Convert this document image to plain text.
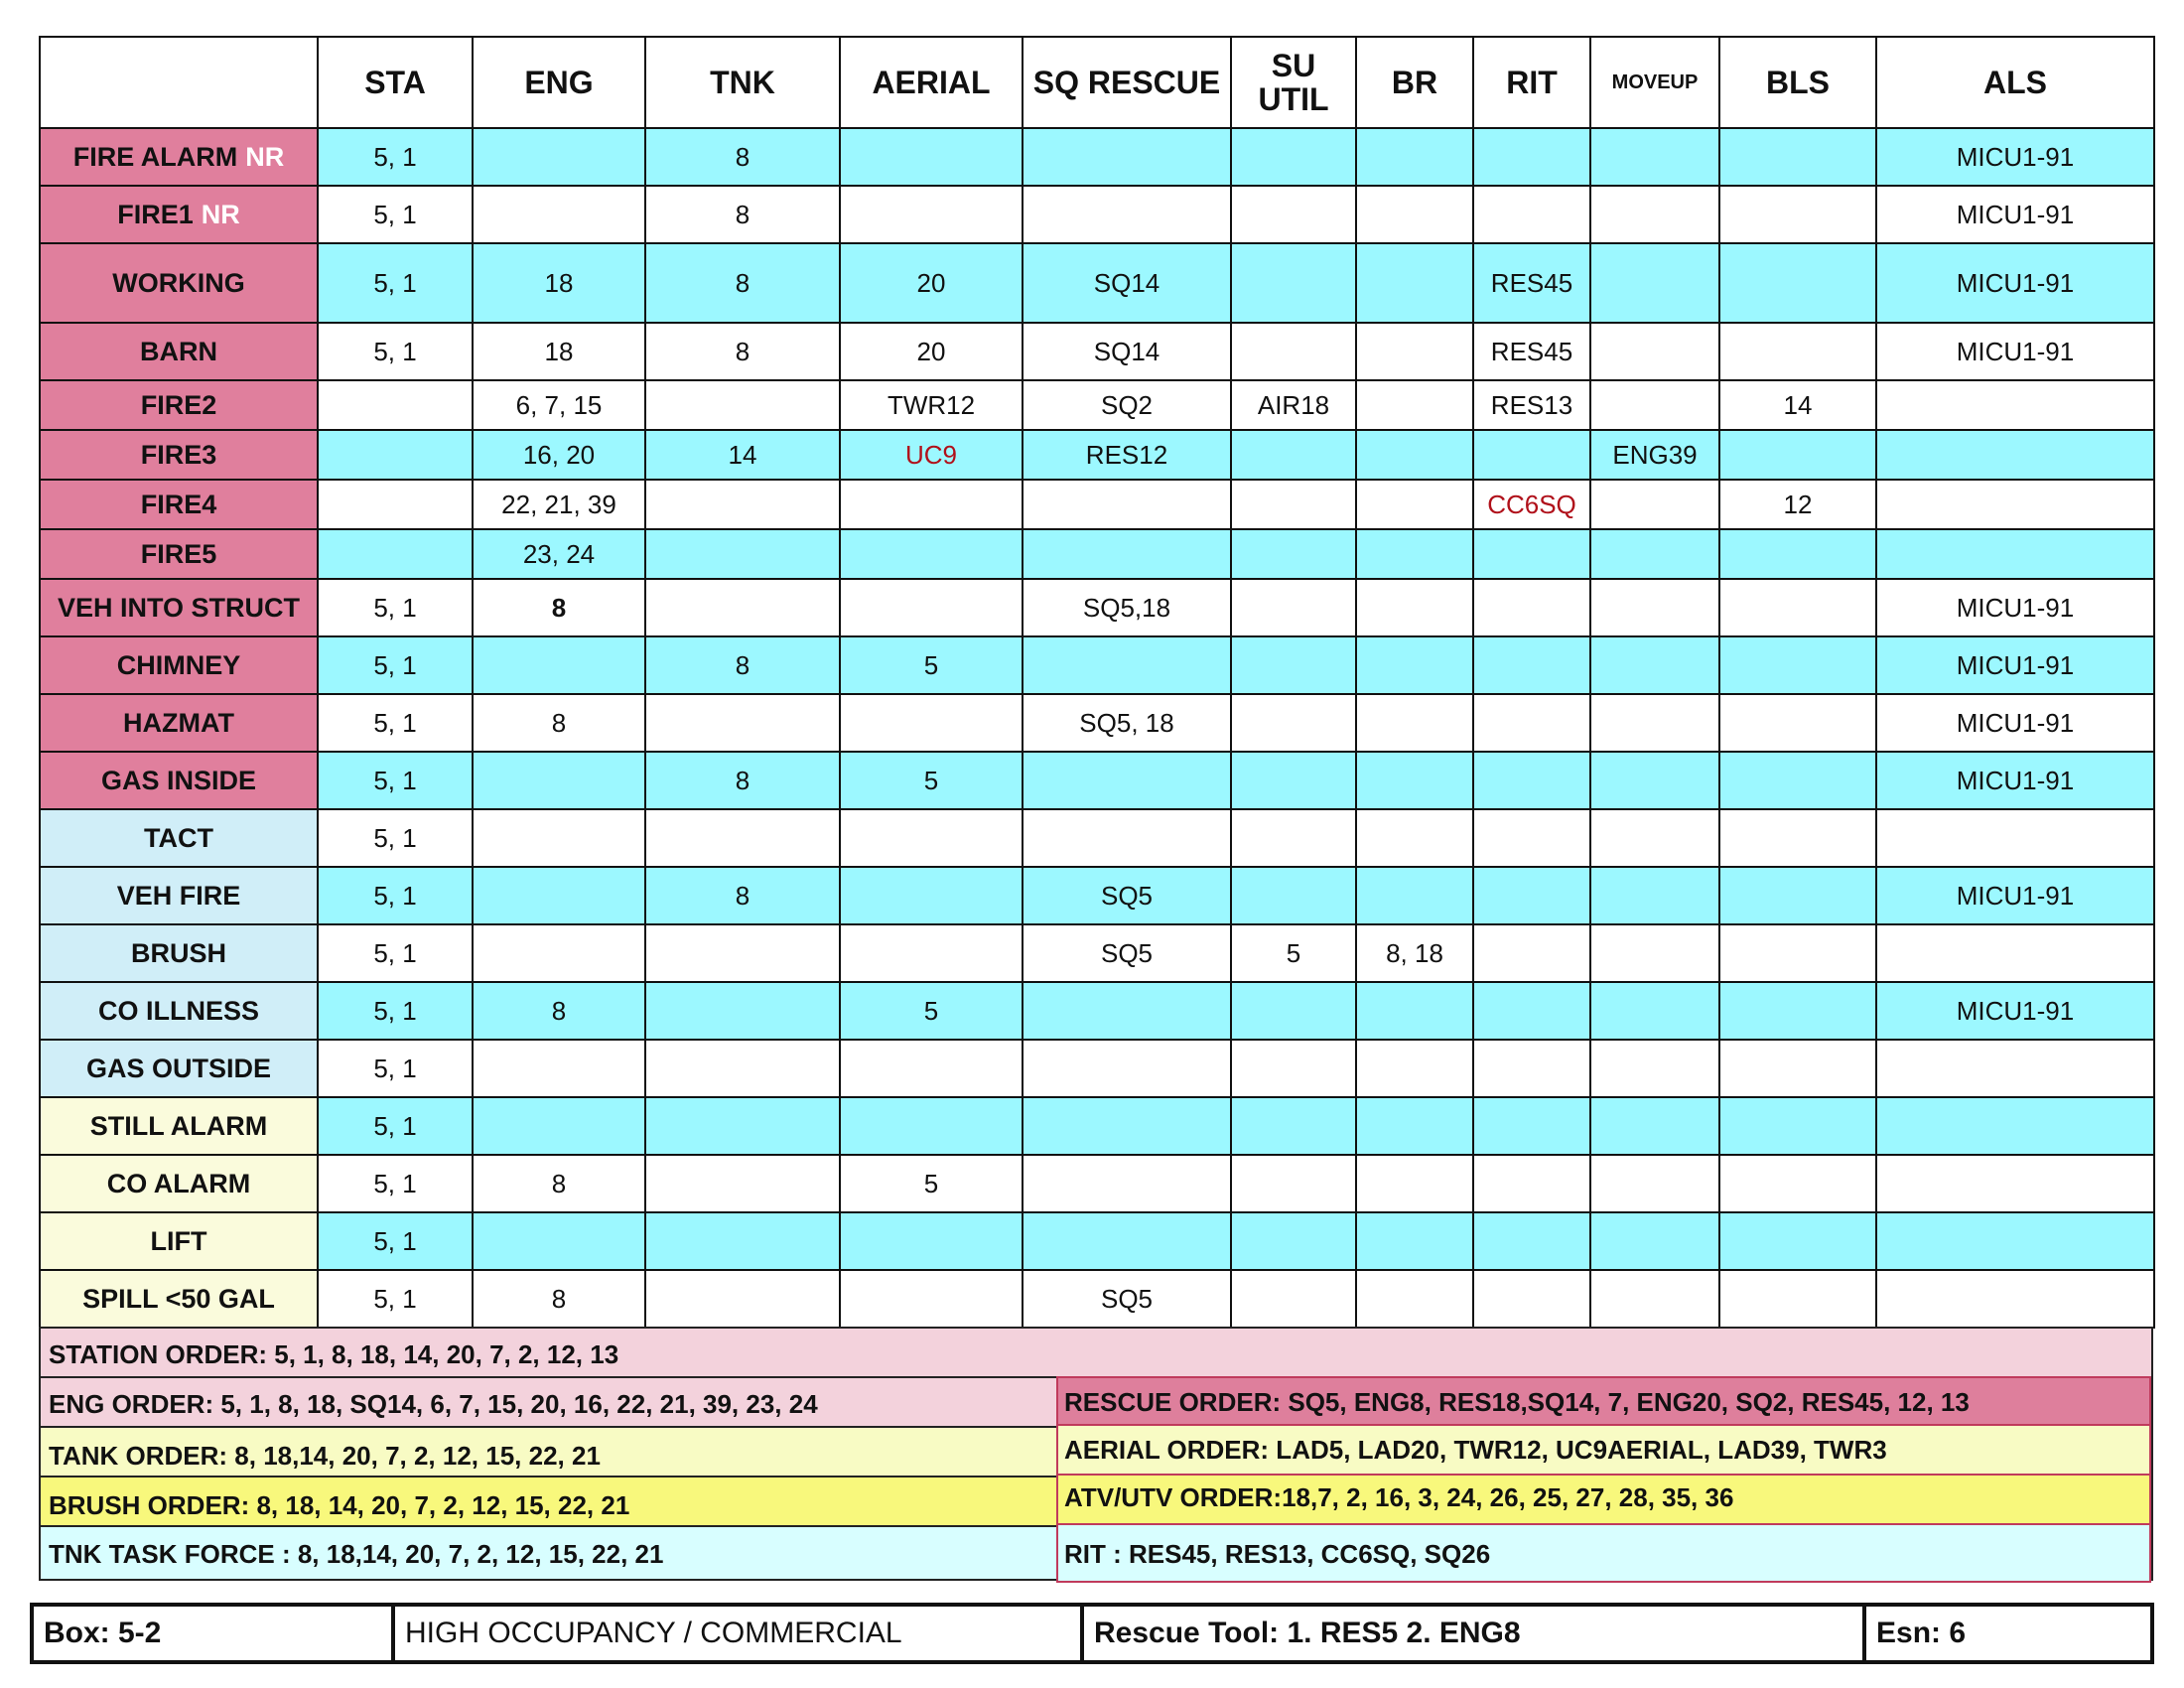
	STA	ENG	TNK	AERIAL	SQ RESCUE	SU UTIL	BR	RIT	MOVEUP	BLS	ALS
FIRE ALARM NR	5, 1		8								MICU1-91
FIRE1 NR	5, 1		8								MICU1-91
WORKING	5, 1	18	8	20	SQ14			RES45			MICU1-91
BARN	5, 1	18	8	20	SQ14			RES45			MICU1-91
FIRE2		6, 7, 15		TWR12	SQ2	AIR18		RES13		14	
FIRE3		16, 20	14	UC9	RES12				ENG39		
FIRE4		22, 21, 39						CC6SQ		12	
FIRE5		23, 24									
VEH INTO STRUCT	5, 1	8			SQ5,18						MICU1-91
CHIMNEY	5, 1		8	5							MICU1-91
HAZMAT	5, 1	8			SQ5, 18						MICU1-91
GAS INSIDE	5, 1		8	5							MICU1-91
TACT	5, 1										
VEH FIRE	5, 1		8		SQ5						MICU1-91
BRUSH	5, 1				SQ5	5	8, 18				
CO ILLNESS	5, 1	8		5							MICU1-91
GAS OUTSIDE	5, 1										
STILL ALARM	5, 1										
CO ALARM	5, 1	8		5							
LIFT	5, 1										
SPILL <50 GAL	5, 1	8			SQ5						
STATION ORDER: 5, 1, 8, 18, 14, 20, 7, 2, 12, 13
ENG ORDER: 5, 1, 8, 18, SQ14, 6, 7, 15, 20, 16, 22, 21, 39, 23, 24
TANK ORDER: 8, 18,14, 20, 7, 2, 12, 15, 22, 21
BRUSH ORDER: 8, 18, 14, 20, 7, 2, 12, 15, 22, 21
TNK TASK FORCE : 8, 18,14, 20, 7, 2, 12, 15, 22, 21
RESCUE ORDER: SQ5, ENG8, RES18,SQ14, 7, ENG20, SQ2, RES45, 12, 13
AERIAL ORDER: LAD5, LAD20, TWR12, UC9AERIAL, LAD39, TWR3
ATV/UTV ORDER:18,7, 2, 16, 3, 24, 26, 25, 27, 28, 35, 36
RIT : RES45, RES13, CC6SQ, SQ26
Box: 5-2	HIGH OCCUPANCY / COMMERCIAL	Rescue Tool: 1. RES5 2. ENG8	Esn: 6
